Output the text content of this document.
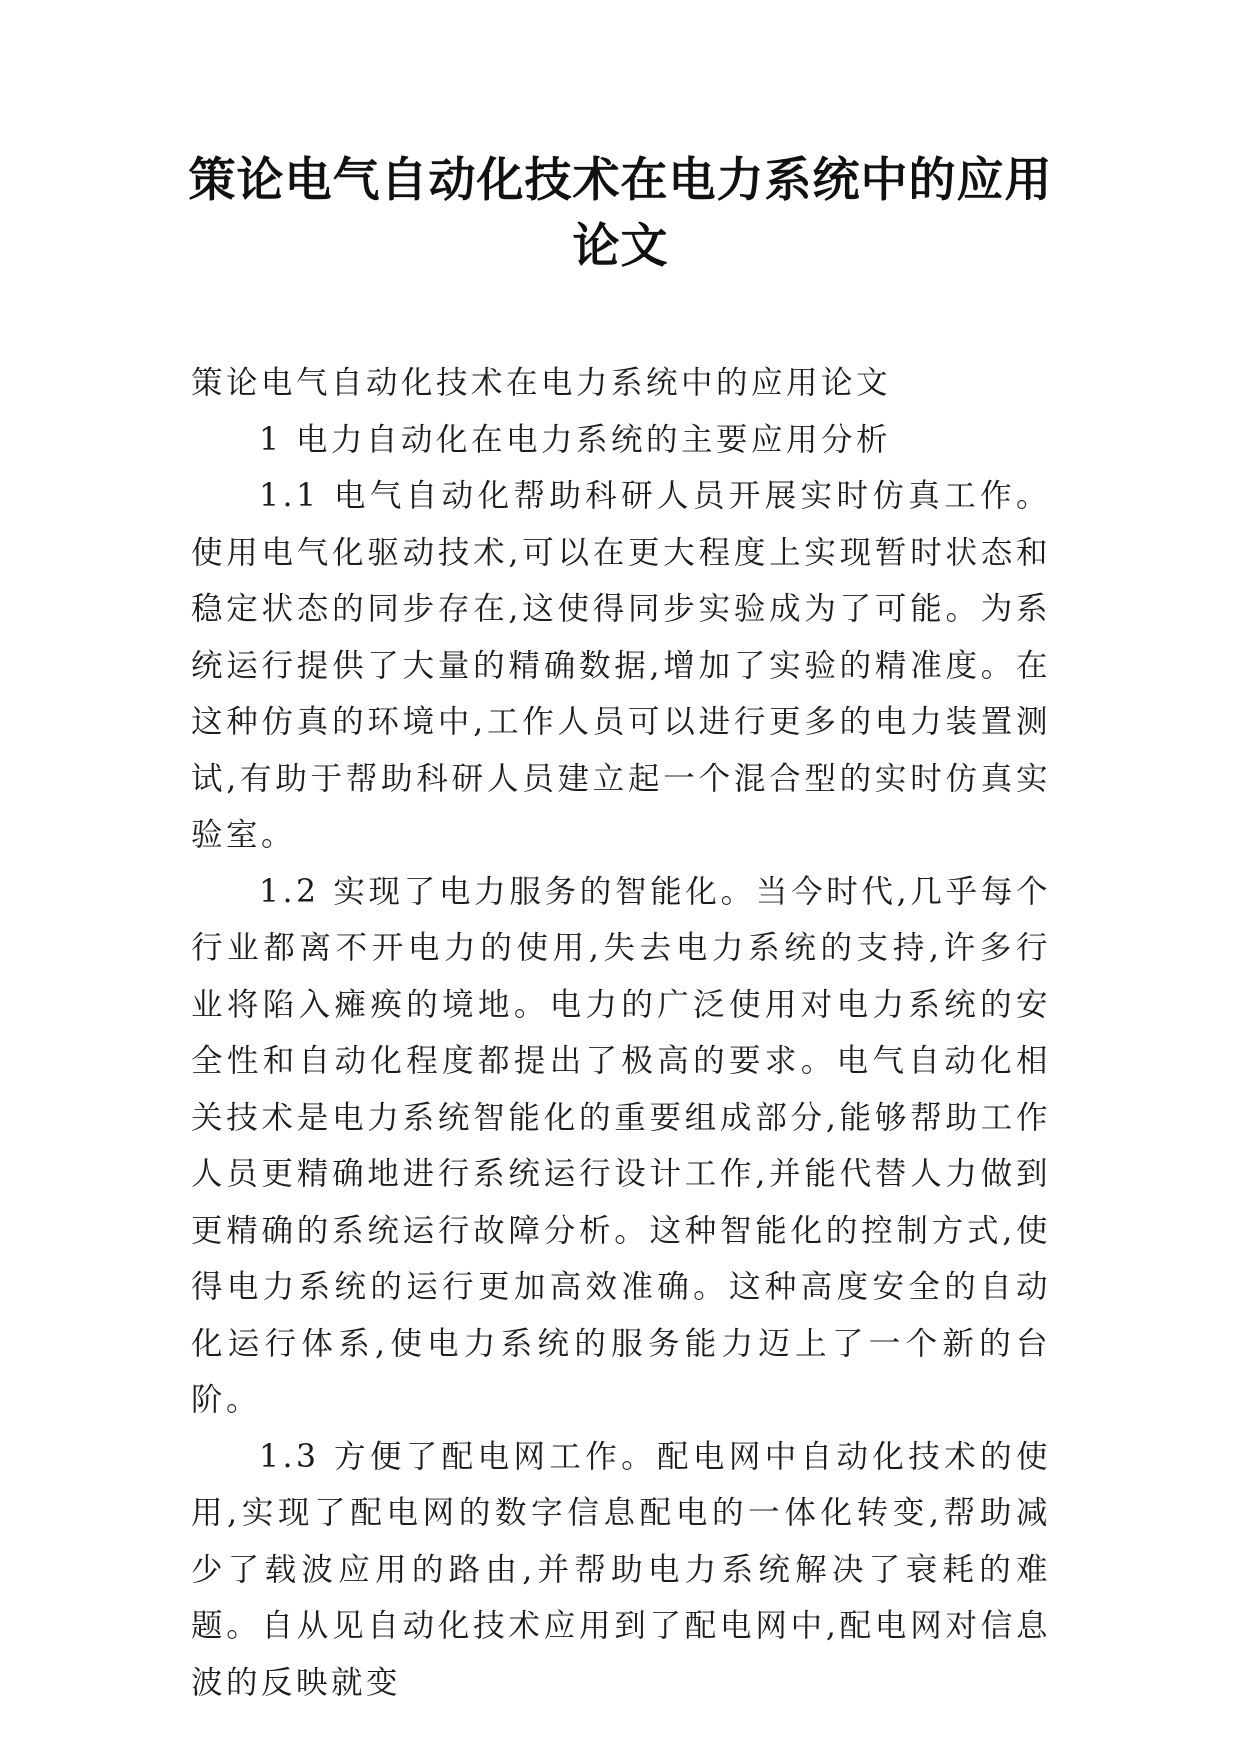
策论电气自动化技术在电力系统中的应用
论文

策论电气自动化技术在电力系统中的应用论文

1 电力自动化在电力系统的主要应用分析

1.1 电气自动化帮助科研人员开展实时仿真工作。使用电气化驱动技术,可以在更大程度上实现暂时状态和稳定状态的同步存在,这使得同步实验成为了可能。为系统运行提供了大量的精确数据,增加了实验的精准度。在这种仿真的环境中,工作人员可以进行更多的电力装置测试,有助于帮助科研人员建立起一个混合型的实时仿真实验室。

1.2 实现了电力服务的智能化。当今时代,几乎每个行业都离不开电力的使用,失去电力系统的支持,许多行业将陷入瘫痪的境地。电力的广泛使用对电力系统的安全性和自动化程度都提出了极高的要求。电气自动化相关技术是电力系统智能化的重要组成部分,能够帮助工作人员更精确地进行系统运行设计工作,并能代替人力做到更精确的系统运行故障分析。这种智能化的控制方式,使得电力系统的运行更加高效准确。这种高度安全的自动化运行体系,使电力系统的服务能力迈上了一个新的台阶。

1.3 方便了配电网工作。配电网中自动化技术的使用,实现了配电网的数字信息配电的一体化转变,帮助减少了载波应用的路由,并帮助电力系统解决了衰耗的难题。自从见自动化技术应用到了配电网中,配电网对信息波的反映就变
